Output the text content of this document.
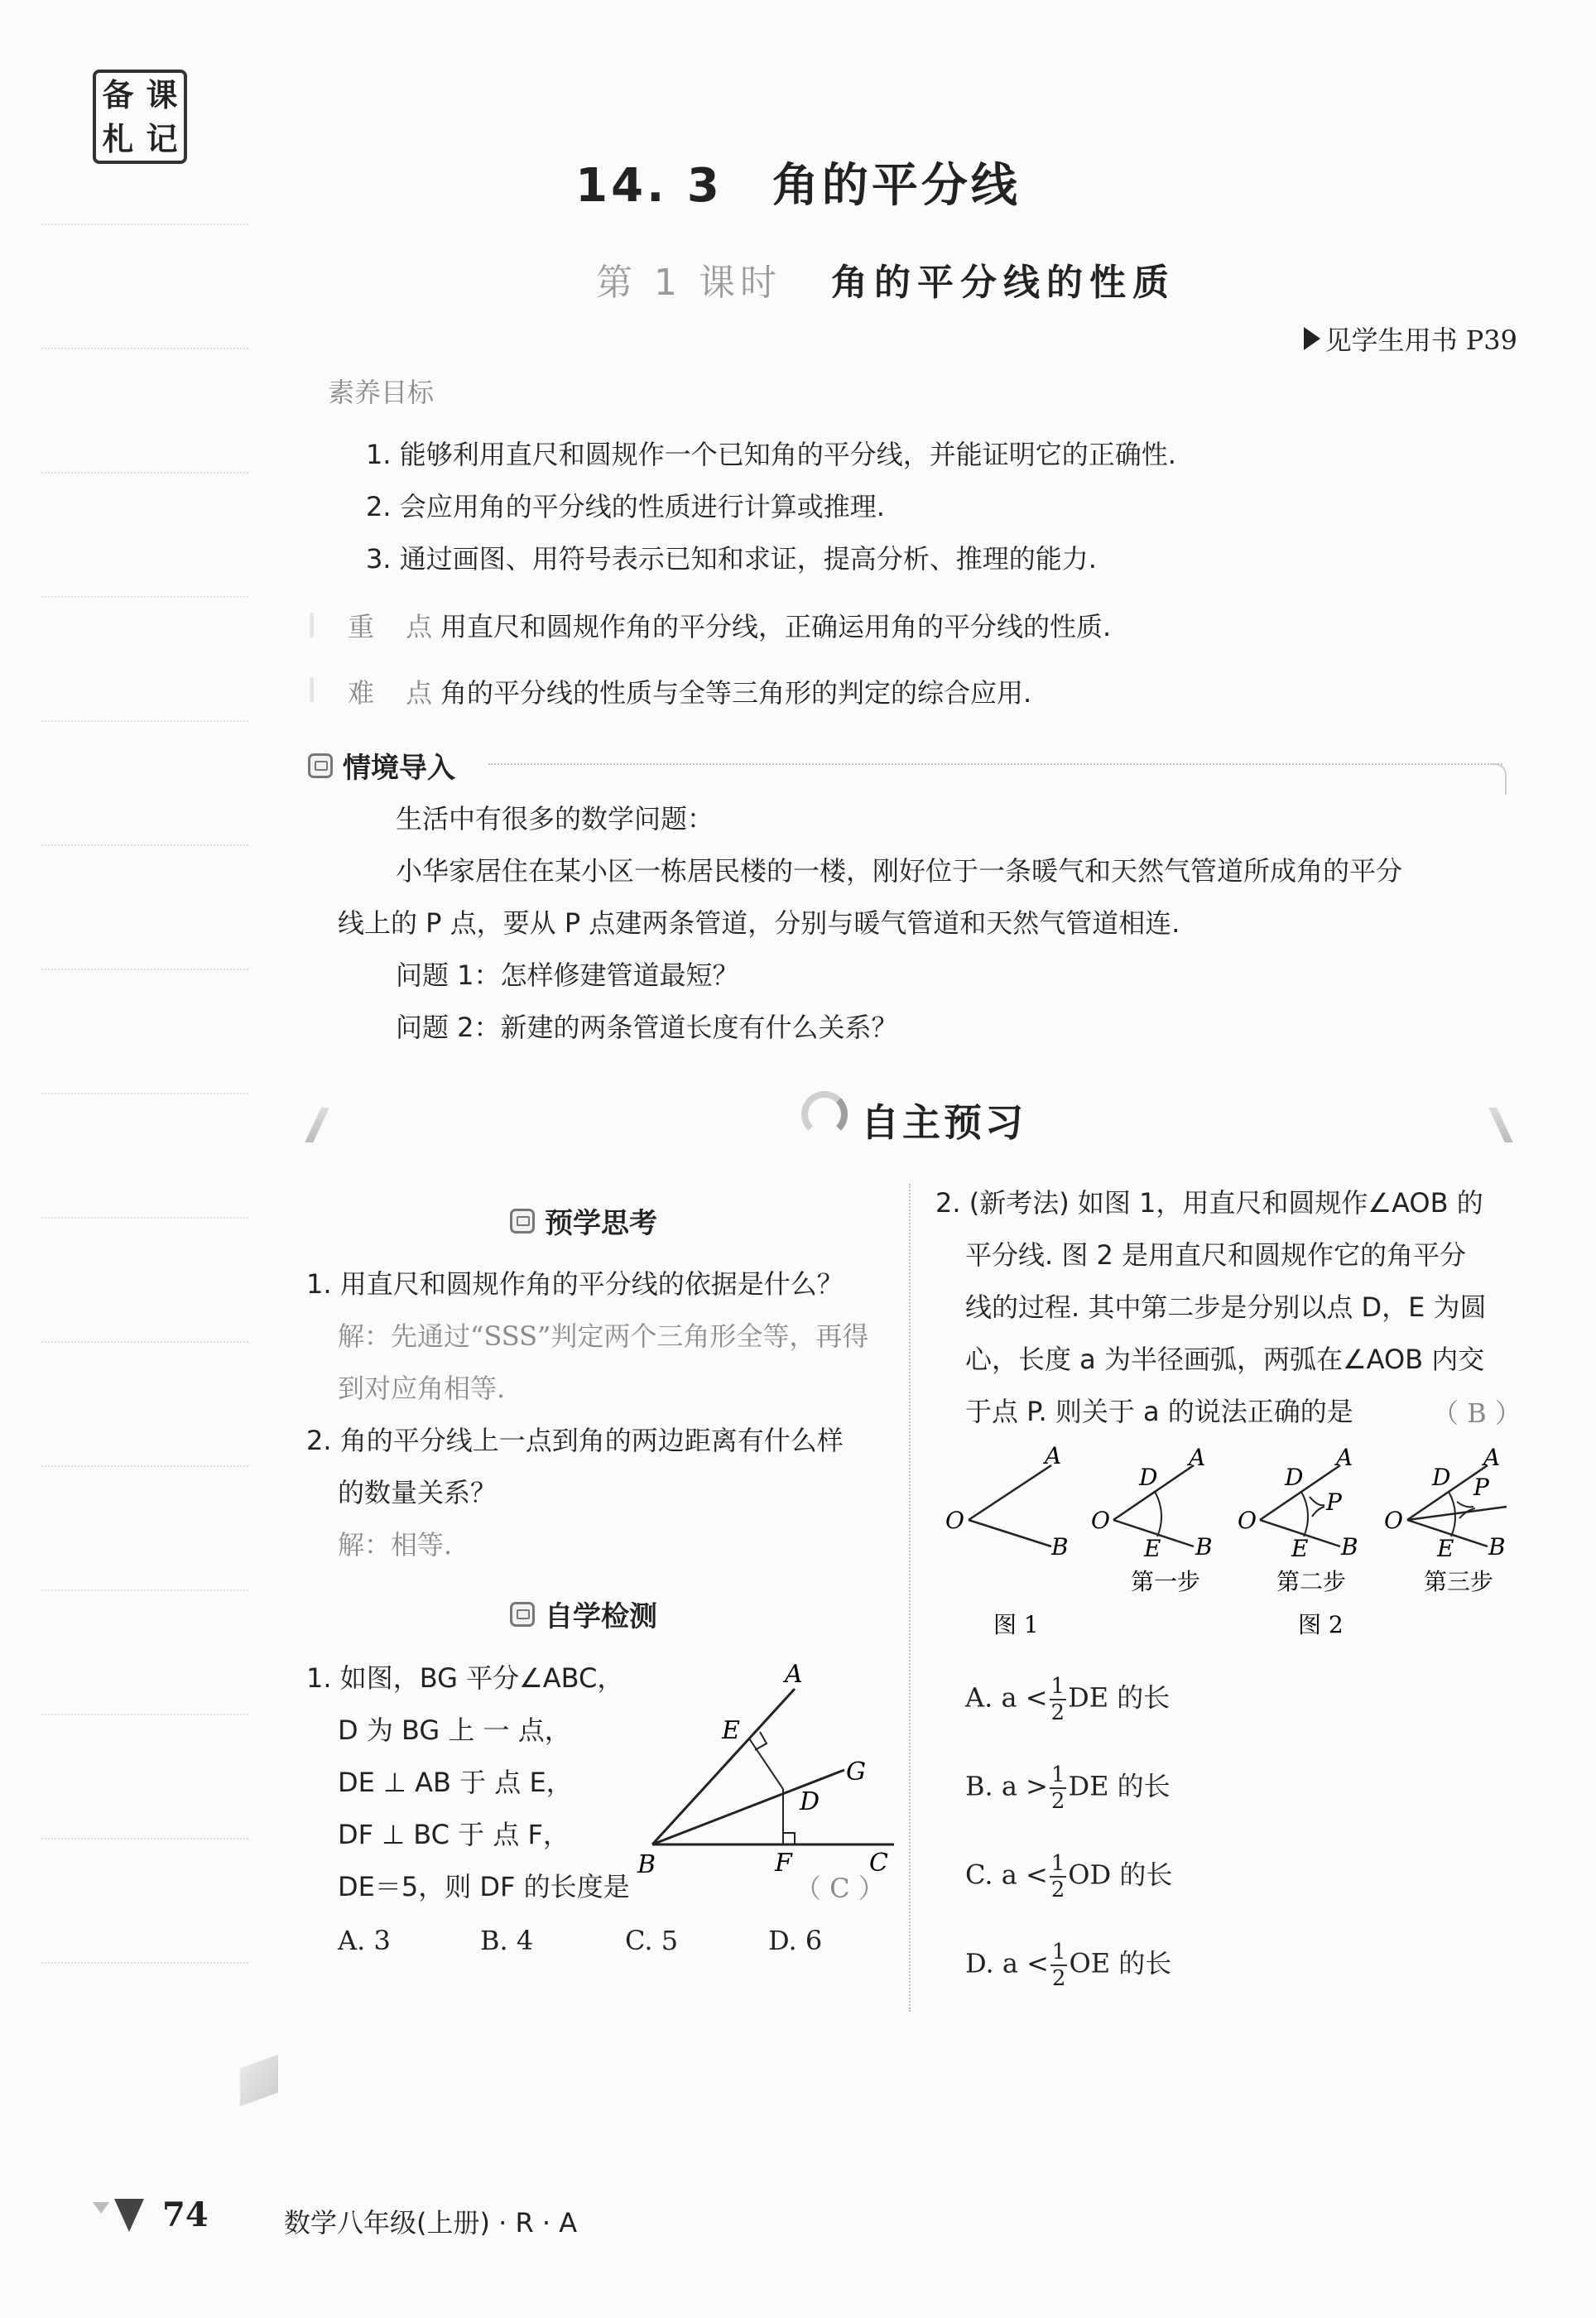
备 课
札 记
14. 3 角的平分线
第 1 课时 角的平分线的性质
见学生用书 P39
素养目标
1. 能够利用直尺和圆规作一个已知角的平分线，并能证明它的正确性.
2. 会应用角的平分线的性质进行计算或推理.
3. 通过画图、用符号表示已知和求证，提高分析、推理的能力.
重 点
用直尺和圆规作角的平分线，正确运用角的平分线的性质.
难 点
角的平分线的性质与全等三角形的判定的综合应用.
情境导入
生活中有很多的数学问题：
小华家居住在某小区一栋居民楼的一楼，刚好位于一条暖气和天然气管道所成角的平分
线上的 P 点，要从 P 点建两条管道，分别与暖气管道和天然气管道相连.
问题 1：怎样修建管道最短？
问题 2：新建的两条管道长度有什么关系？
自主预习
预学思考
1. 用直尺和圆规作角的平分线的依据是什么？
解：先通过“SSS”判定两个三角形全等，再得
到对应角相等.
2. 角的平分线上一点到角的两边距离有什么样
的数量关系？
解：相等.
自学检测
1. 如图，BG 平分∠ABC，
D 为 BG 上 一 点，
DE ⊥ AB 于 点 E，
DF ⊥ BC 于 点 F，
DE＝5，则 DF 的长度是	（ C ）
A. 3	B. 4	C. 5	D. 6
A
E
G
D
B	F	C
2. (新考法) 如图 1，用直尺和圆规作∠AOB 的
平分线. 图 2 是用直尺和圆规作它的角平分
线的过程. 其中第二步是分别以点 D，E 为圆
心，长度 a 为半径画弧，两弧在∠AOB 内交
于点 P. 则关于 a 的说法正确的是	（ B ）
O
A
B
O
D
A
E B
O
D
P
A
E B
O
D P
A
E B
第一步	第二步	第三步
图 1	图 2
A. $a < \frac{1}{2}$ DE 的长
B. $a > \frac{1}{2}$ DE 的长
C. $a < \frac{1}{2}$ OD 的长
D. $a < \frac{1}{2}$ OE 的长
74	数学八年级(上册) · R · A
